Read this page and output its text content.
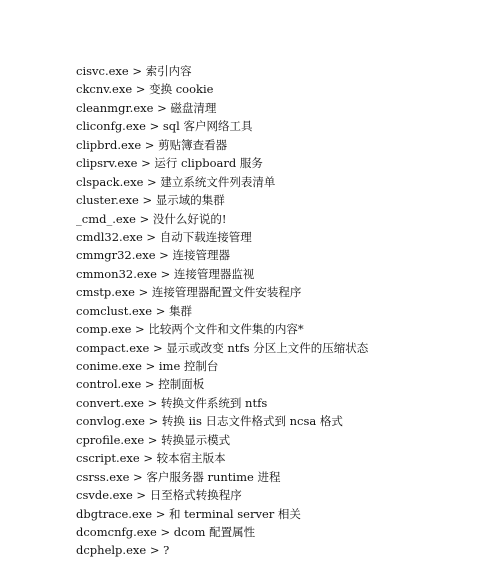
cisvc.exe > 索引内容
ckcnv.exe > 变换 cookie
cleanmgr.exe > 磁盘清理
cliconfg.exe > sql 客户网络工具
clipbrd.exe > 剪贴簿查看器
clipsrv.exe > 运行 clipboard 服务
clspack.exe > 建立系统文件列表清单
cluster.exe > 显示域的集群
_cmd_.exe > 没什么好说的!
cmdl32.exe > 自动下载连接管理
cmmgr32.exe > 连接管理器
cmmon32.exe > 连接管理器监视
cmstp.exe > 连接管理器配置文件安装程序
comclust.exe > 集群
comp.exe > 比较两个文件和文件集的内容*
compact.exe > 显示或改变 ntfs 分区上文件的压缩状态
conime.exe > ime 控制台
control.exe > 控制面板
convert.exe > 转换文件系统到 ntfs
convlog.exe > 转换 iis 日志文件格式到 ncsa 格式
cprofile.exe > 转换显示模式
cscript.exe > 较本宿主版本
csrss.exe > 客户服务器 runtime 进程
csvde.exe > 日至格式转换程序
dbgtrace.exe > 和 terminal server 相关
dcomcnfg.exe > dcom 配置属性
dcphelp.exe > ?
